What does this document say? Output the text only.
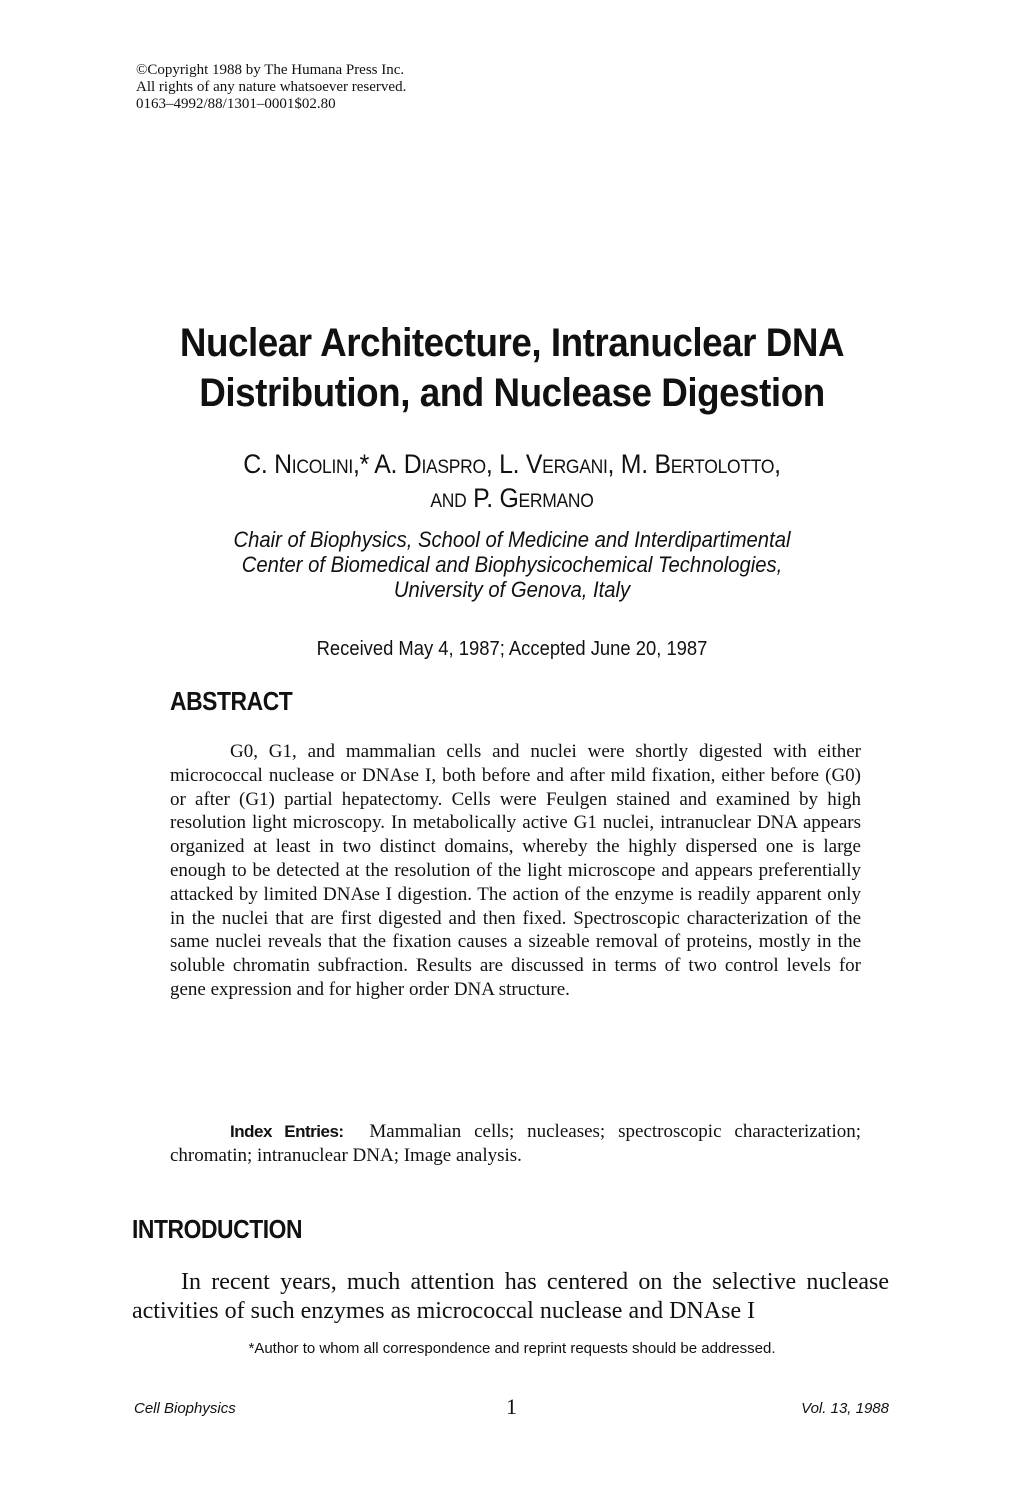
©Copyright 1988 by The Humana Press Inc.
All rights of any nature whatsoever reserved.
0163–4992/88/1301–0001$02.80
Nuclear Architecture, Intranuclear DNA
Distribution, and Nuclease Digestion
C. Nicolini,* A. Diaspro, L. Vergani, M. Bertolotto,
and P. Germano
Chair of Biophysics, School of Medicine and Interdipartimental
Center of Biomedical and Biophysicochemical Technologies,
University of Genova, Italy
Received May 4, 1987; Accepted June 20, 1987
ABSTRACT
G0, G1, and mammalian cells and nuclei were shortly digested with either micrococcal nuclease or DNAse I, both before and after mild fixation, either before (G0) or after (G1) partial hepatectomy. Cells were Feulgen stained and examined by high resolution light microscopy. In metabolically active G1 nuclei, intranuclear DNA appears organized at least in two distinct domains, whereby the highly dispersed one is large enough to be detected at the resolution of the light microscope and appears preferentially attacked by limited DNAse I digestion. The action of the enzyme is readily apparent only in the nuclei that are first digested and then fixed. Spectroscopic characterization of the same nuclei reveals that the fixation causes a sizeable removal of proteins, mostly in the soluble chromatin subfraction. Results are discussed in terms of two control levels for gene expression and for higher order DNA structure.
Index Entries: Mammalian cells; nucleases; spectroscopic characterization; chromatin; intranuclear DNA; Image analysis.
INTRODUCTION
In recent years, much attention has centered on the selective nuclease activities of such enzymes as micrococcal nuclease and DNAse I
*Author to whom all correspondence and reprint requests should be addressed.
Cell Biophysics	1	Vol. 13, 1988
